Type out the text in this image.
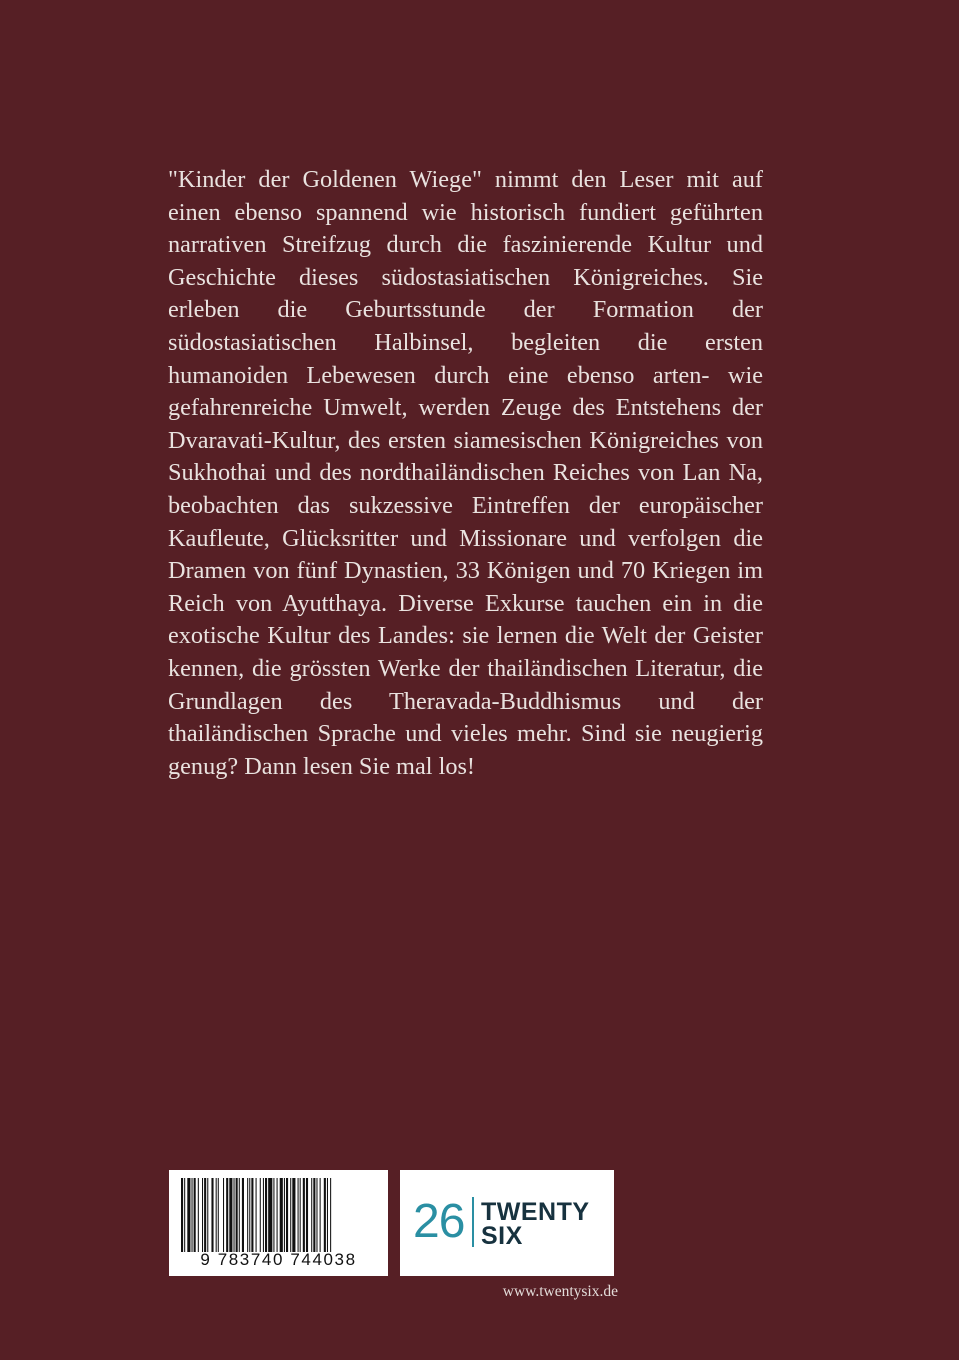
"Kinder der Goldenen Wiege" nimmt den Leser mit auf einen ebenso spannend wie historisch fundiert geführten narrativen Streifzug durch die faszinierende Kultur und Geschichte dieses südostasiatischen Königreiches. Sie erleben die Geburtsstunde der Formation der südostasiatischen Halbinsel, begleiten die ersten humanoiden Lebewesen durch eine ebenso arten- wie gefahrenreiche Umwelt, werden Zeuge des Entstehens der Dvaravati-Kultur, des ersten siamesischen Königreiches von Sukhothai und des nordthailändischen Reiches von Lan Na, beobachten das sukzessive Eintreffen der europäischer Kaufleute, Glücksritter und Missionare und verfolgen die Dramen von fünf Dynastien, 33 Königen und 70 Kriegen im Reich von Ayutthaya. Diverse Exkurse tauchen ein in die exotische Kultur des Landes: sie lernen die Welt der Geister kennen, die grössten Werke der thailändischen Literatur, die Grundlagen des Theravada-Buddhismus und der thailändischen Sprache und vieles mehr. Sind sie neugierig genug? Dann lesen Sie mal los!

9 783740 744038
26 TWENTY
SIX
www.twentysix.de
